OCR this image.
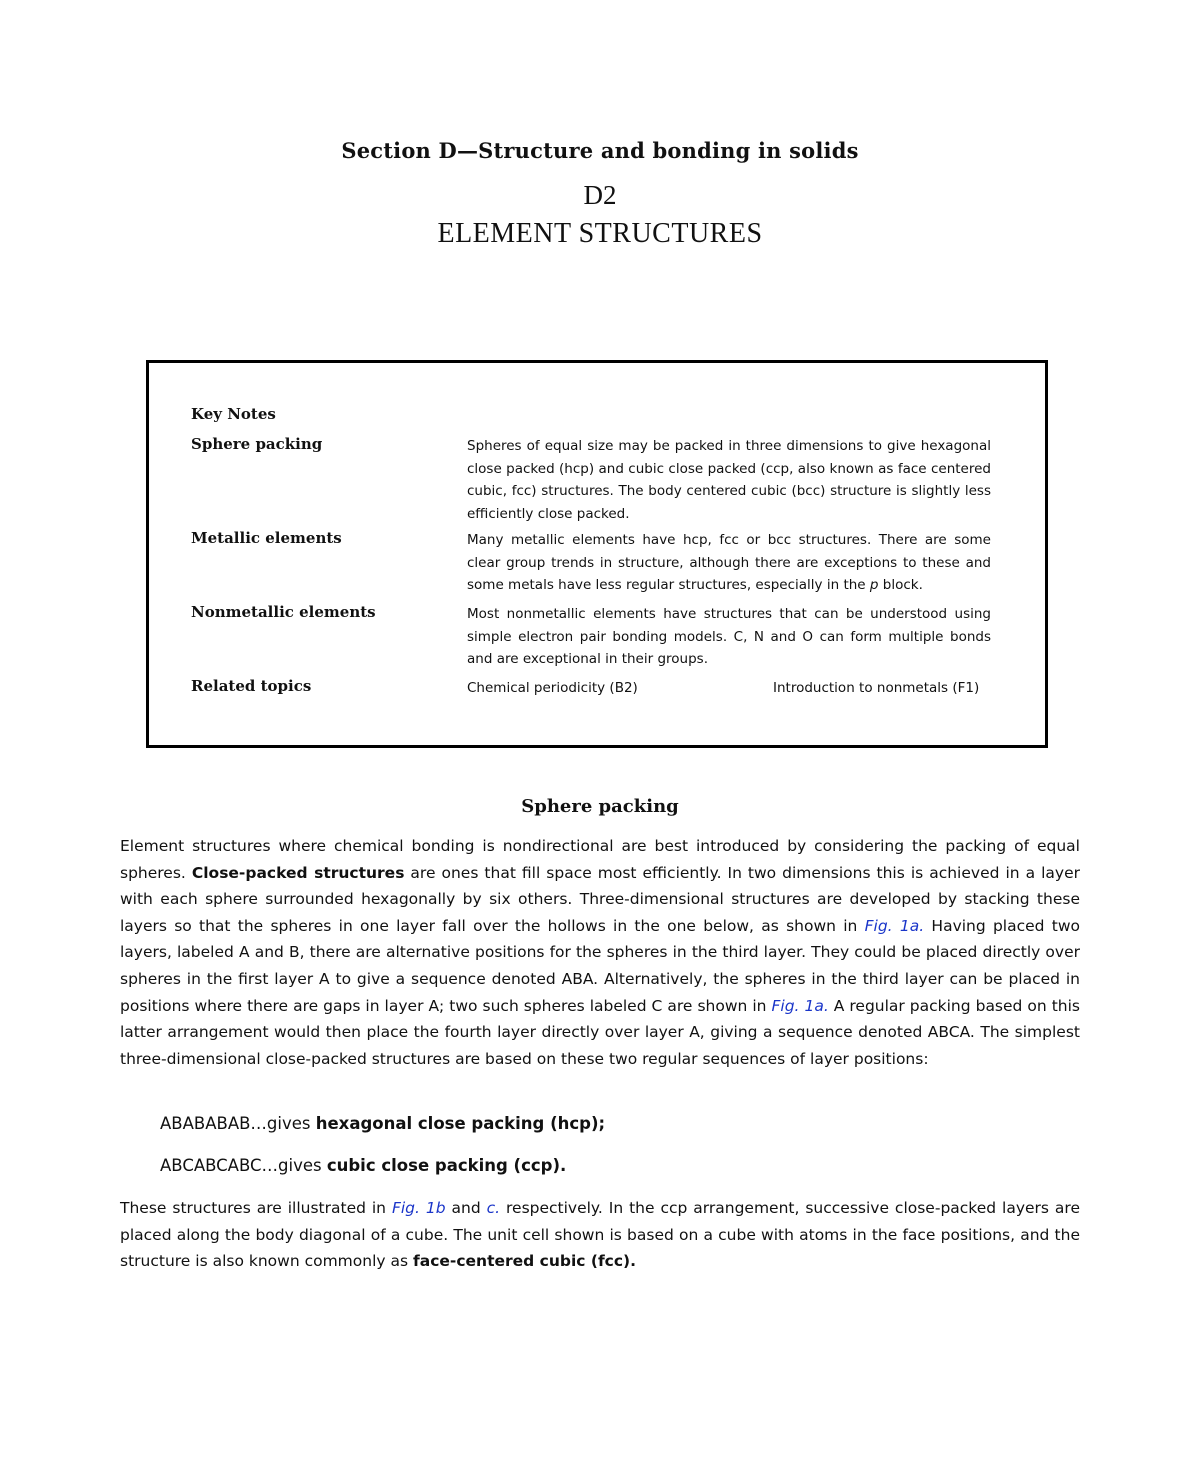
Section D—Structure and bonding in solids
D2
ELEMENT STRUCTURES
Key Notes
Sphere packing	Spheres of equal size may be packed in three dimensions to give hexagonal close packed (hcp) and cubic close packed (ccp, also known as face centered cubic, fcc) structures. The body centered cubic (bcc) structure is slightly less efficiently close packed.
Metallic elements	Many metallic elements have hcp, fcc or bcc structures. There are some clear group trends in structure, although there are exceptions to these and some metals have less regular structures, especially in the p block.
Nonmetallic elements	Most nonmetallic elements have structures that can be understood using simple electron pair bonding models. C, N and O can form multiple bonds and are exceptional in their groups.
Related topics	Chemical periodicity (B2)	Introduction to nonmetals (F1)
Sphere packing

Element structures where chemical bonding is nondirectional are best introduced by considering the packing of equal spheres. Close-packed structures are ones that fill space most efficiently. In two dimensions this is achieved in a layer with each sphere surrounded hexagonally by six others. Three-dimensional structures are developed by stacking these layers so that the spheres in one layer fall over the hollows in the one below, as shown in Fig. 1a. Having placed two layers, labeled A and B, there are alternative positions for the spheres in the third layer. They could be placed directly over spheres in the first layer A to give a sequence denoted ABA. Alternatively, the spheres in the third layer can be placed in positions where there are gaps in layer A; two such spheres labeled C are shown in Fig. 1a. A regular packing based on this latter arrangement would then place the fourth layer directly over layer A, giving a sequence denoted ABCA. The simplest three-dimensional close-packed structures are based on these two regular sequences of layer positions:

ABABABAB…gives hexagonal close packing (hcp);
ABCABCABC…gives cubic close packing (ccp).

These structures are illustrated in Fig. 1b and c. respectively. In the ccp arrangement, successive close-packed layers are placed along the body diagonal of a cube. The unit cell shown is based on a cube with atoms in the face positions, and the structure is also known commonly as face-centered cubic (fcc).
